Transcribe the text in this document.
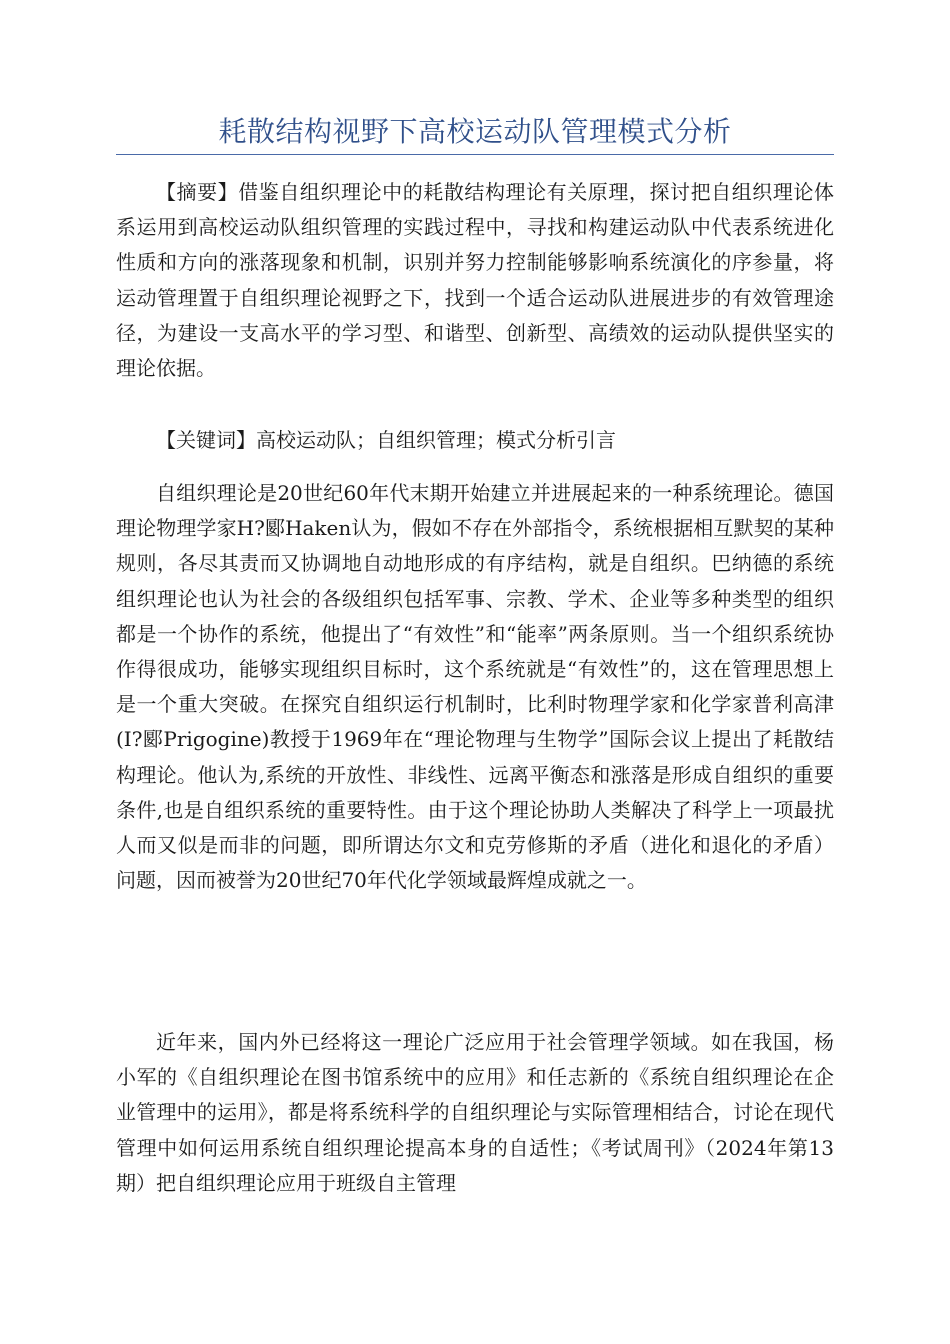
耗散结构视野下高校运动队管理模式分析

【摘要】借鉴自组织理论中的耗散结构理论有关原理，探讨把自组织理论体系运用到高校运动队组织管理的实践过程中，寻找和构建运动队中代表系统进化性质和方向的涨落现象和机制，识别并努力控制能够影响系统演化的序参量，将运动管理置于自组织理论视野之下，找到一个适合运动队进展进步的有效管理途径，为建设一支高水平的学习型、和谐型、创新型、高绩效的运动队提供坚实的理论依据。

【关键词】高校运动队；自组织管理；模式分析引言

自组织理论是20世纪60年代末期开始建立并进展起来的一种系统理论。德国理论物理学家H?郾Haken认为，假如不存在外部指令，系统根据相互默契的某种规则，各尽其责而又协调地自动地形成的有序结构，就是自组织。巴纳德的系统组织理论也认为社会的各级组织包括军事、宗教、学术、企业等多种类型的组织都是一个协作的系统，他提出了“有效性”和“能率”两条原则。当一个组织系统协作得很成功，能够实现组织目标时，这个系统就是“有效性”的，这在管理思想上是一个重大突破。在探究自组织运行机制时，比利时物理学家和化学家普利高津(I?郾Prigogine)教授于1969年在“理论物理与生物学”国际会议上提出了耗散结构理论。他认为,系统的开放性、非线性、远离平衡态和涨落是形成自组织的重要条件,也是自组织系统的重要特性。由于这个理论协助人类解决了科学上一项最扰人而又似是而非的问题，即所谓达尔文和克劳修斯的矛盾（进化和退化的矛盾）问题，因而被誉为20世纪70年代化学领域最辉煌成就之一。

近年来，国内外已经将这一理论广泛应用于社会管理学领域。如在我国，杨小军的《自组织理论在图书馆系统中的应用》和任志新的《系统自组织理论在企业管理中的运用》，都是将系统科学的自组织理论与实际管理相结合，讨论在现代管理中如何运用系统自组织理论提高本身的自适性；《考试周刊》（2024年第13期）把自组织理论应用于班级自主管理
